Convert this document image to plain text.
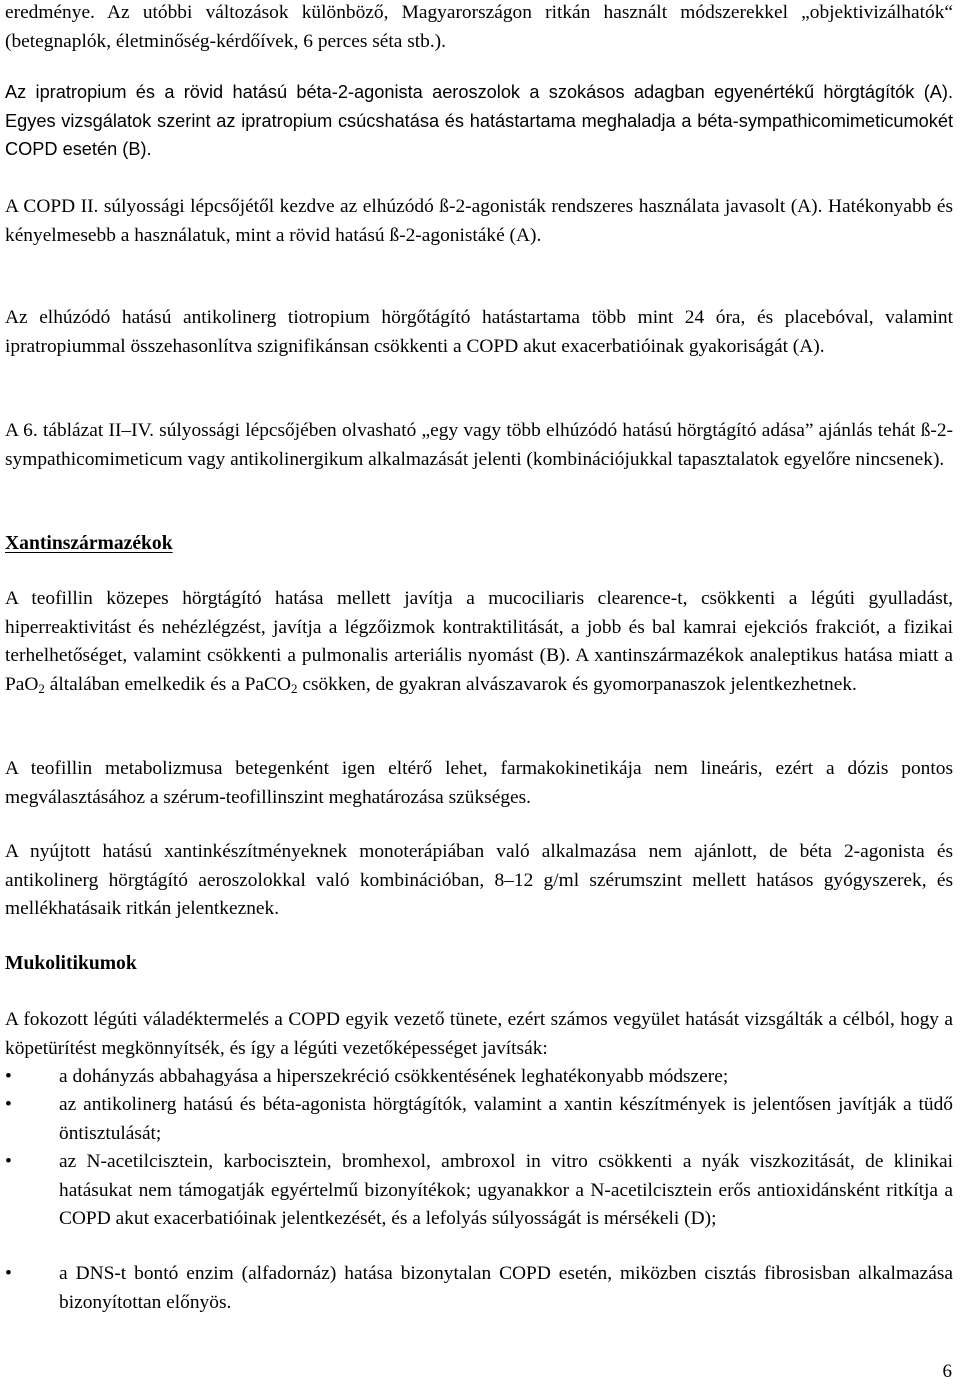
eredménye. Az utóbbi változások különböző, Magyarországon ritkán használt módszerekkel „objektivizálhatók“ (betegnaplók, életminőség-kérdőívek, 6 perces séta stb.).

Az ipratropium és a rövid hatású béta-2-agonista aeroszolok a szokásos adagban egyenértékű hörgtágítók (A). Egyes vizsgálatok szerint az ipratropium csúcshatása és hatástartama meghaladja a béta-sympathicomimeticumokét COPD esetén (B).

A COPD II. súlyossági lépcsőjétől kezdve az elhúzódó ß-2-agonisták rendszeres használata javasolt (A). Hatékonyabb és kényelmesebb a használatuk, mint a rövid hatású ß-2-agonistáké (A).

Az elhúzódó hatású antikolinerg tiotropium hörgőtágító hatástartama több mint 24 óra, és placebóval, valamint ipratropiummal összehasonlítva szignifikánsan csökkenti a COPD akut exacerbatióinak gyakoriságát (A).

A 6. táblázat II–IV. súlyossági lépcsőjében olvasható „egy vagy több elhúzódó hatású hörgtágító adása” ajánlás tehát ß-2-sympathicomimeticum vagy antikolinergikum alkalmazását jelenti (kombinációjukkal tapasztalatok egyelőre nincsenek).

Xantinszármazékok

A teofillin közepes hörgtágító hatása mellett javítja a mucociliaris clearence-t, csökkenti a légúti gyulladást, hiperreaktivitást és nehézlégzést, javítja a légzőizmok kontraktilitását, a jobb és bal kamrai ejekciós frakciót, a fizikai terhelhetőséget, valamint csökkenti a pulmonalis arteriális nyomást (B). A xantinszármazékok analeptikus hatása miatt a PaO$_2$ általában emelkedik és a PaCO$_2$ csökken, de gyakran alvászavarok és gyomorpanaszok jelentkezhetnek.

A teofillin metabolizmusa betegenként igen eltérő lehet, farmakokinetikája nem lineáris, ezért a dózis pontos megválasztásához a szérum-teofillinszint meghatározása szükséges.

A nyújtott hatású xantinkészítményeknek monoterápiában való alkalmazása nem ajánlott, de béta 2-agonista és antikolinerg hörgtágító aeroszolokkal való kombinációban, 8–12 g/ml szérumszint mellett hatásos gyógyszerek, és mellékhatásaik ritkán jelentkeznek.

Mukolitikumok

A fokozott légúti váladéktermelés a COPD egyik vezető tünete, ezért számos vegyület hatását vizsgálták a célból, hogy a köpetürítést megkönnyítsék, és így a légúti vezetőképességet javítsák:

•	a dohányzás abbahagyása a hiperszekréció csökkentésének leghatékonyabb módszere;
•	az antikolinerg hatású és béta-agonista hörgtágítók, valamint a xantin készítmények is jelentősen javítják a tüdő öntisztulását;
•	az N-acetilcisztein, karbocisztein, bromhexol, ambroxol in vitro csökkenti a nyák viszkozitását, de klinikai hatásukat nem támogatják egyértelmű bizonyítékok; ugyanakkor a N-acetilcisztein erős antioxidánsként ritkítja a COPD akut exacerbatióinak jelentkezését, és a lefolyás súlyosságát is mérsékeli (D);
•	a DNS-t bontó enzim (alfadornáz) hatása bizonytalan COPD esetén, miközben cisztás fibrosisban alkalmazása bizonyítottan előnyös.
6
